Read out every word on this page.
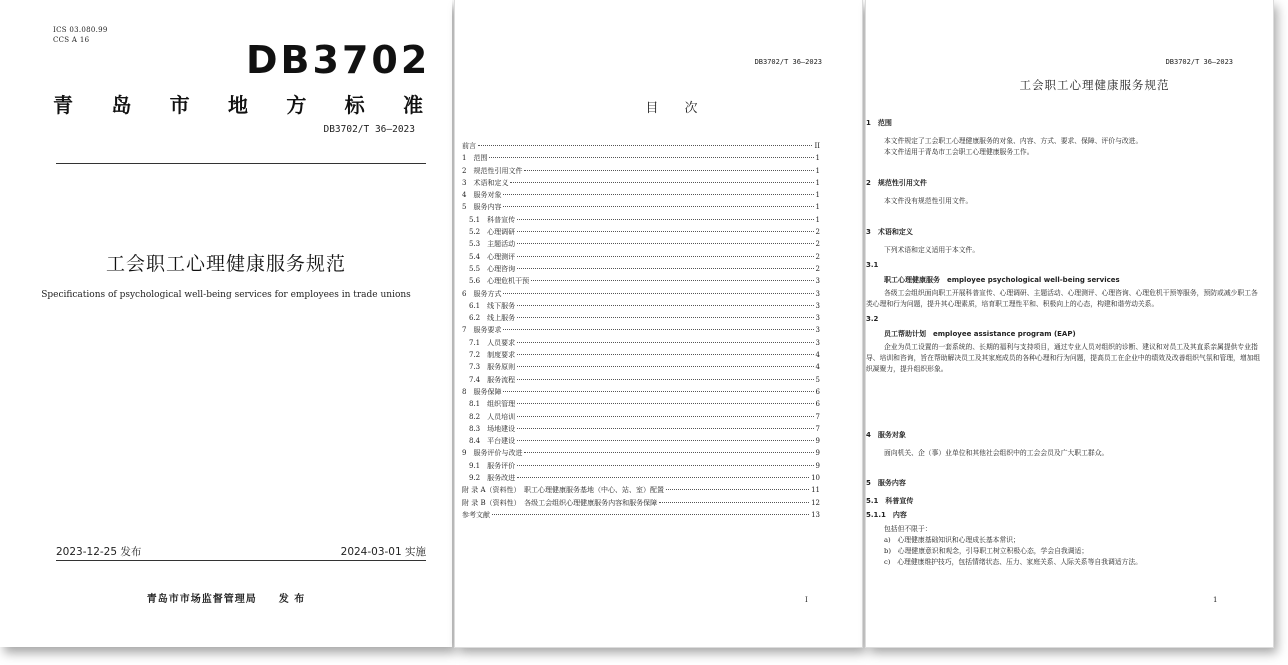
ICS 03.080.99
CCS A 16	DB3702
青 岛 市 地 方 标 准
DB3702/T 36—2023
工会职工心理健康服务规范
Specifications of psychological well-being services for employees in trade unions
2023-12-25 发布	2024-03-01 实施
青岛市市场监督管理局　　发 布
DB3702/T 36—2023
目次
前言	II
1　范围	1
2　规范性引用文件	1
3　术语和定义	1
4　服务对象	1
5　服务内容	1
5.1　科普宣传	1
5.2　心理调研	2
5.3　主题活动	2
5.4　心理测评	2
5.5　心理咨询	2
5.6　心理危机干预	3
6　服务方式	3
6.1　线下服务	3
6.2　线上服务	3
7　服务要求	3
7.1　人员要求	3
7.2　制度要求	4
7.3　服务原则	4
7.4　服务流程	5
8　服务保障	6
8.1　组织管理	6
8.2　人员培训	7
8.3　场地建设	7
8.4　平台建设	9
9　服务评价与改进	9
9.1　服务评价	9
9.2　服务改进	10
附 录 A（资料性）　职工心理健康服务基地（中心、站、室）配置	11
附 录 B（资料性）　各级工会组织心理健康服务内容和服务保障	12
参考文献	13
I
DB3702/T 36—2023
工会职工心理健康服务规范
1　范围
本文件规定了工会职工心理健康服务的对象、内容、方式、要求、保障、评价与改进。
本文件适用于青岛市工会职工心理健康服务工作。
2　规范性引用文件
本文件没有规范性引用文件。
3　术语和定义
下列术语和定义适用于本文件。
3.1
职工心理健康服务　employee psychological well-being services
各级工会组织面向职工开展科普宣传、心理调研、主题活动、心理测评、心理咨询、心理危机干预等服务，预防或减少职工各类心理和行为问题，提升其心理素质，培育职工理性平和、积极向上的心态，构建和谐劳动关系。
3.2
员工帮助计划　employee assistance program (EAP)
企业为员工设置的一套系统的、长期的福利与支持项目，通过专业人员对组织的诊断、建议和对员工及其直系亲属提供专业指导、培训和咨询，旨在帮助解决员工及其家庭成员的各种心理和行为问题，提高员工在企业中的绩效及改善组织气氛和管理，增加组织凝聚力，提升组织形象。
4　服务对象
面向机关、企（事）业单位和其他社会组织中的工会会员及广大职工群众。
5　服务内容
5.1　科普宣传
5.1.1　内容
包括但不限于：
a)　心理健康基础知识和心理成长基本常识；
b)　心理健康意识和观念，引导职工树立积极心态，学会自我调适；
c)　心理健康维护技巧，包括情绪状态、压力、家庭关系、人际关系等自我调适方法。
1
